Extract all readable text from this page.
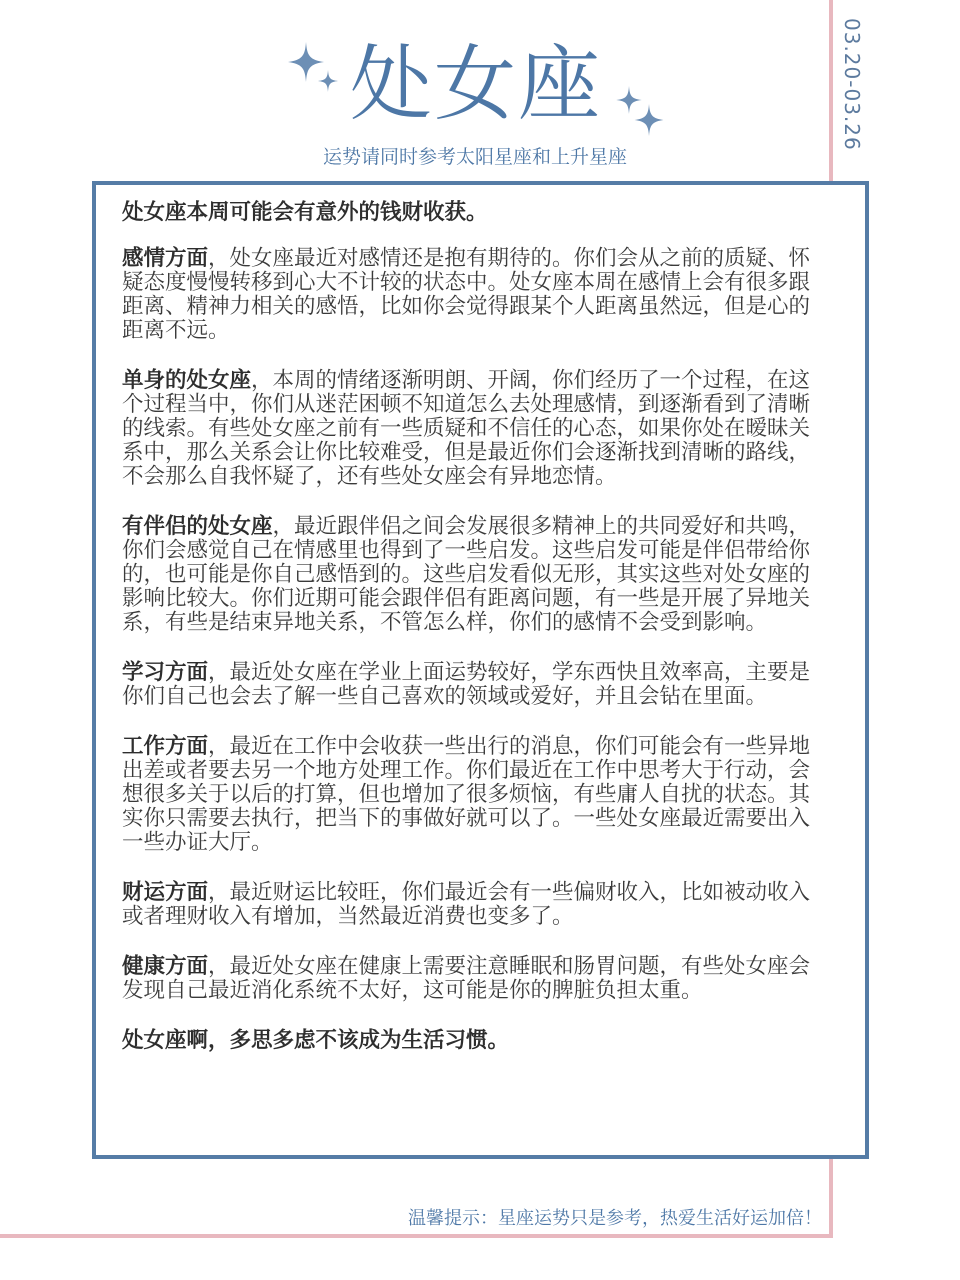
处女座
运势请同时参考太阳星座和上升星座
03.20-03.26

处女座本周可能会有意外的钱财收获。

感情方面，处女座最近对感情还是抱有期待的。你们会从之前的质疑、怀疑态度慢慢转移到心大不计较的状态中。处女座本周在感情上会有很多跟距离、精神力相关的感悟，比如你会觉得跟某个人距离虽然远，但是心的距离不远。

单身的处女座，本周的情绪逐渐明朗、开阔，你们经历了一个过程，在这个过程当中，你们从迷茫困顿不知道怎么去处理感情，到逐渐看到了清晰的线索。有些处女座之前有一些质疑和不信任的心态，如果你处在暧昧关系中，那么关系会让你比较难受，但是最近你们会逐渐找到清晰的路线，不会那么自我怀疑了，还有些处女座会有异地恋情。

有伴侣的处女座，最近跟伴侣之间会发展很多精神上的共同爱好和共鸣，你们会感觉自己在情感里也得到了一些启发。这些启发可能是伴侣带给你的，也可能是你自己感悟到的。这些启发看似无形，其实这些对处女座的影响比较大。你们近期可能会跟伴侣有距离问题，有一些是开展了异地关系，有些是结束异地关系，不管怎么样，你们的感情不会受到影响。

学习方面，最近处女座在学业上面运势较好，学东西快且效率高，主要是你们自己也会去了解一些自己喜欢的领域或爱好，并且会钻在里面。

工作方面，最近在工作中会收获一些出行的消息，你们可能会有一些异地出差或者要去另一个地方处理工作。你们最近在工作中思考大于行动，会想很多关于以后的打算，但也增加了很多烦恼，有些庸人自扰的状态。其实你只需要去执行，把当下的事做好就可以了。一些处女座最近需要出入一些办证大厅。

财运方面，最近财运比较旺，你们最近会有一些偏财收入，比如被动收入或者理财收入有增加，当然最近消费也变多了。

健康方面，最近处女座在健康上需要注意睡眠和肠胃问题，有些处女座会发现自己最近消化系统不太好，这可能是你的脾脏负担太重。

处女座啊，多思多虑不该成为生活习惯。

温馨提示：星座运势只是参考，热爱生活好运加倍！
